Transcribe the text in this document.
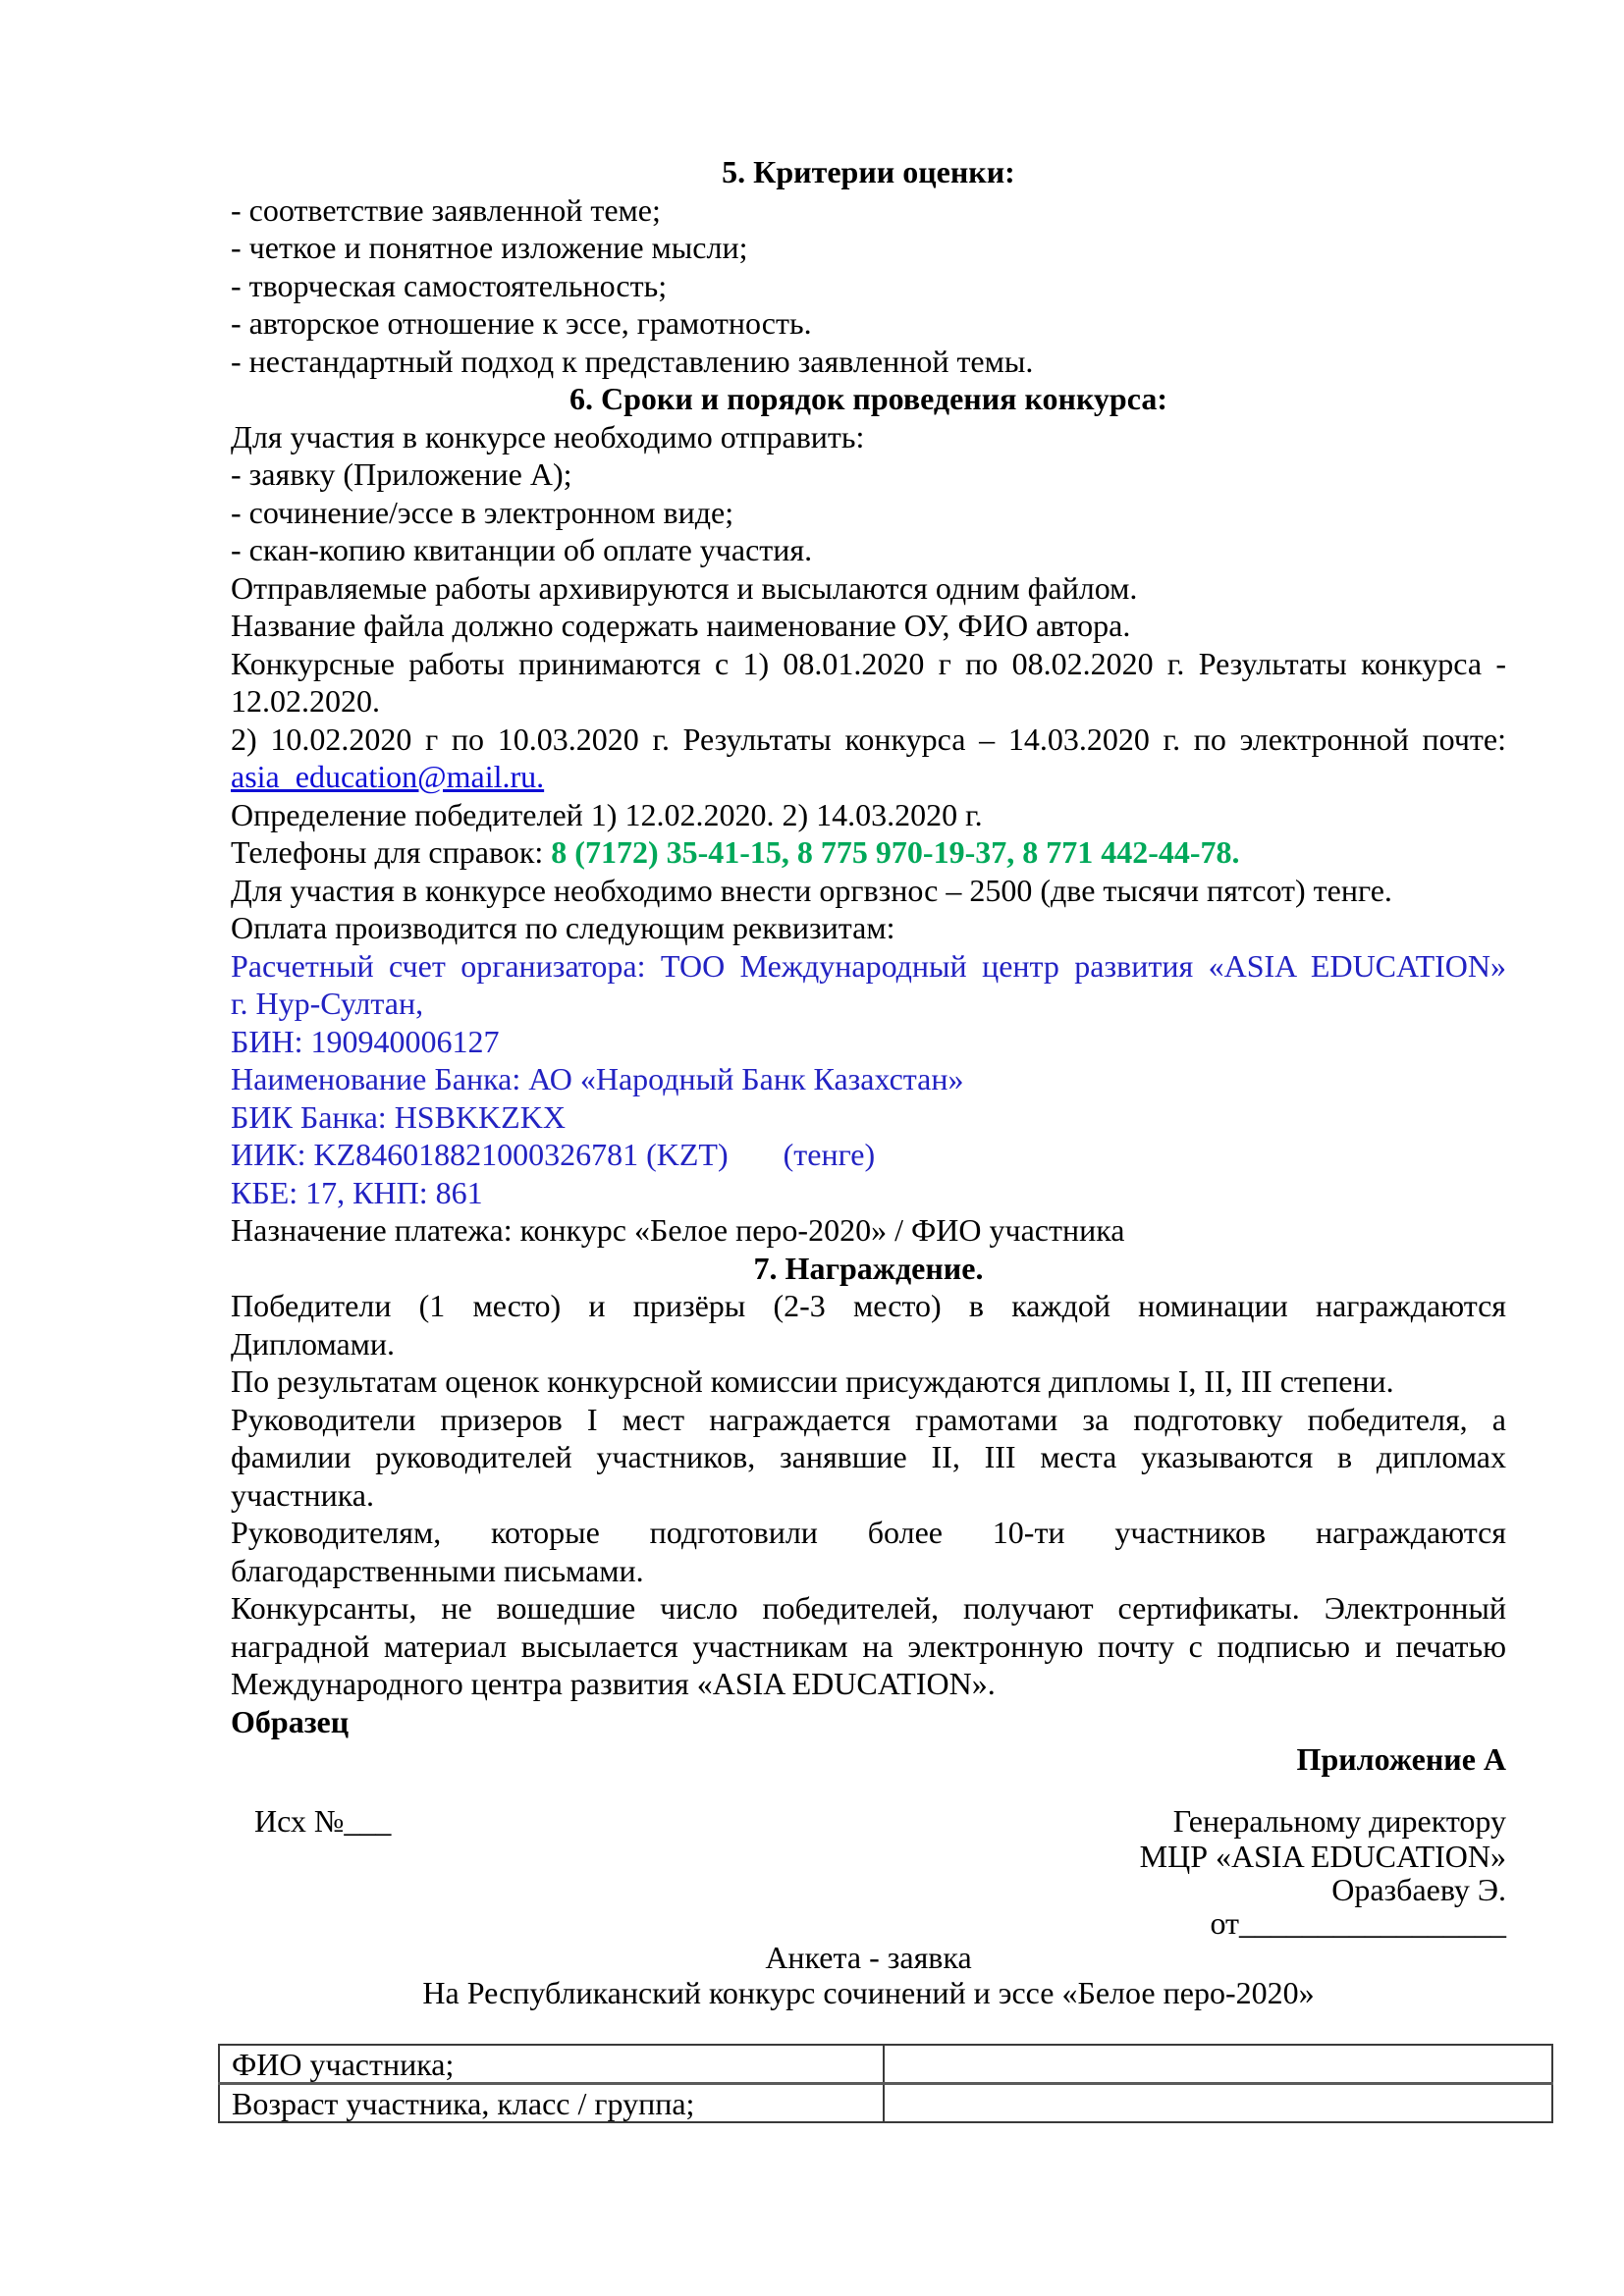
5. Критерии оценки:
- соответствие заявленной теме;
- четкое и понятное изложение мысли;
- творческая самостоятельность;
- авторское отношение к эссе, грамотность.
- нестандартный подход к представлению заявленной темы.
6. Сроки и порядок проведения конкурса:
Для участия в конкурсе необходимо отправить:
- заявку (Приложение А);
- сочинение/эссе в электронном виде;
- скан-копию квитанции об оплате участия.
Отправляемые работы архивируются и высылаются одним файлом.
Название файла должно содержать наименование ОУ, ФИО автора.
Конкурсные работы принимаются с 1) 08.01.2020 г по 08.02.2020 г. Результаты конкурса -
12.02.2020.
2) 10.02.2020 г по 10.03.2020 г. Результаты конкурса – 14.03.2020 г. по электронной почте:
asia_education@mail.ru.
Определение победителей 1) 12.02.2020. 2) 14.03.2020 г.
Телефоны для справок: 8 (7172) 35-41-15, 8 775 970-19-37, 8 771 442-44-78.
Для участия в конкурсе необходимо внести оргвзнос – 2500 (две тысячи пятсот) тенге.
Оплата производится по следующим реквизитам:
Расчетный счет организатора: ТОО Международный центр развития «ASIA EDUCATION»
г. Нур-Султан,
БИН: 190940006127
Наименование Банка: АО «Народный Банк Казахстан»
БИК Банка: HSBKKZKX
ИИК: KZ846018821000326781 (KZT)       (тенге)
КБЕ: 17, КНП: 861
Назначение платежа: конкурс «Белое перо-2020» / ФИО участника
7. Награждение.
Победители (1 место) и призёры (2-3 место) в каждой номинации награждаются
Дипломами.
По результатам оценок конкурсной комиссии присуждаются дипломы I, II, III степени.
Руководители призеров I мест награждается грамотами за подготовку победителя, а
фамилии руководителей участников, занявшие II, III места указываются в дипломах
участника.
Руководителям, которые подготовили более 10-ти участников награждаются
благодарственными письмами.
Конкурсанты, не вошедшие число победителей, получают сертификаты. Электронный
наградной материал высылается участникам на электронную почту с подписью и печатью
Международного центра развития «ASIA EDUCATION».
Образец
Приложение А
Исх №___	Генеральному директору
МЦР «ASIA EDUCATION»
Оразбаеву Э.
от_________________
Анкета - заявка
На Республиканский конкурс сочинений и эссе «Белое перо-2020»
ФИО участника;	
Возраст участника, класс / группа;	
